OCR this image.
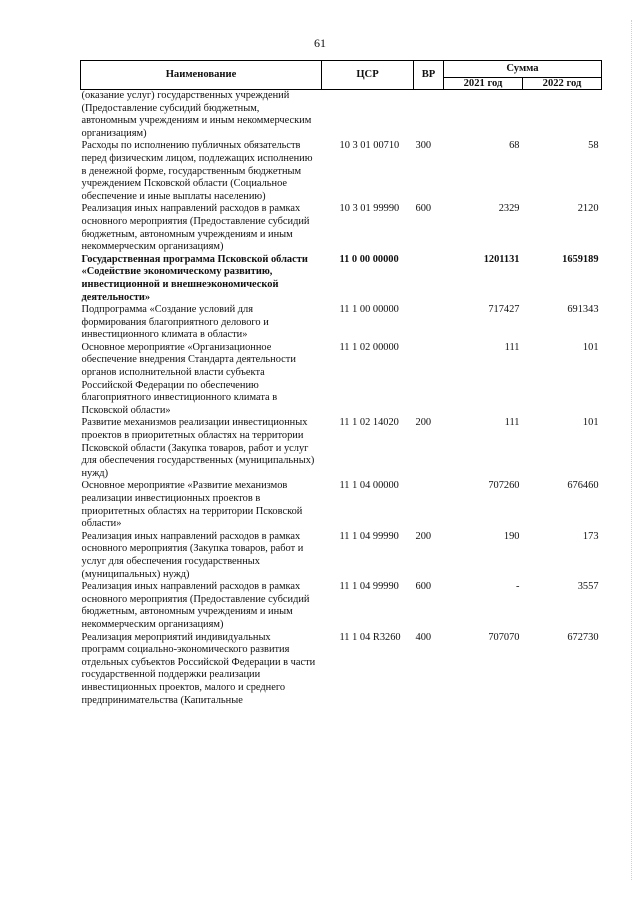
61
Наименование	ЦСР	ВР	Сумма	
			2021 год	2022 год
(оказание услуг) государственных учреждений (Предоставление субсидий бюджетным, автономным учреждениям и иным некоммерческим организациям)				
Расходы по исполнению публичных обязательств перед физическим лицом, подлежащих исполнению в денежной форме, государственным бюджетным учреждением Псковской области (Социальное обеспечение и иные выплаты населению)	10 3 01 00710	300	68	58
Реализация иных направлений расходов в рамках основного мероприятия (Предоставление субсидий бюджетным, автономным учреждениям и иным некоммерческим организациям)	10 3 01 99990	600	2329	2120
Государственная программа Псковской области «Содействие экономическому развитию, инвестиционной и внешнеэкономической деятельности»	11 0 00 00000		1201131	1659189
Подпрограмма «Создание условий для формирования благоприятного делового и инвестиционного климата в области»	11 1 00 00000		717427	691343
Основное мероприятие «Организационное обеспечение внедрения Стандарта деятельности органов исполнительной власти субъекта Российской Федерации по обеспечению благоприятного инвестиционного климата в Псковской области»	11 1 02 00000		111	101
Развитие механизмов реализации инвестиционных проектов в приоритетных областях на территории Псковской области (Закупка товаров, работ и услуг для обеспечения государственных (муниципальных) нужд)	11 1 02 14020	200	111	101
Основное мероприятие «Развитие механизмов реализации инвестиционных проектов в приоритетных областях на территории Псковской области»	11 1 04 00000		707260	676460
Реализация иных направлений расходов в рамках основного мероприятия (Закупка товаров, работ и услуг для обеспечения государственных (муниципальных) нужд)	11 1 04 99990	200	190	173
Реализация иных направлений расходов в рамках основного мероприятия (Предоставление субсидий бюджетным, автономным учреждениям и иным некоммерческим организациям)	11 1 04 99990	600	-	3557
Реализация мероприятий индивидуальных программ социально-экономического развития отдельных субъектов Российской Федерации в части государственной поддержки реализации инвестиционных проектов, малого и среднего предпринимательства (Капитальные	11 1 04 R3260	400	707070	672730
